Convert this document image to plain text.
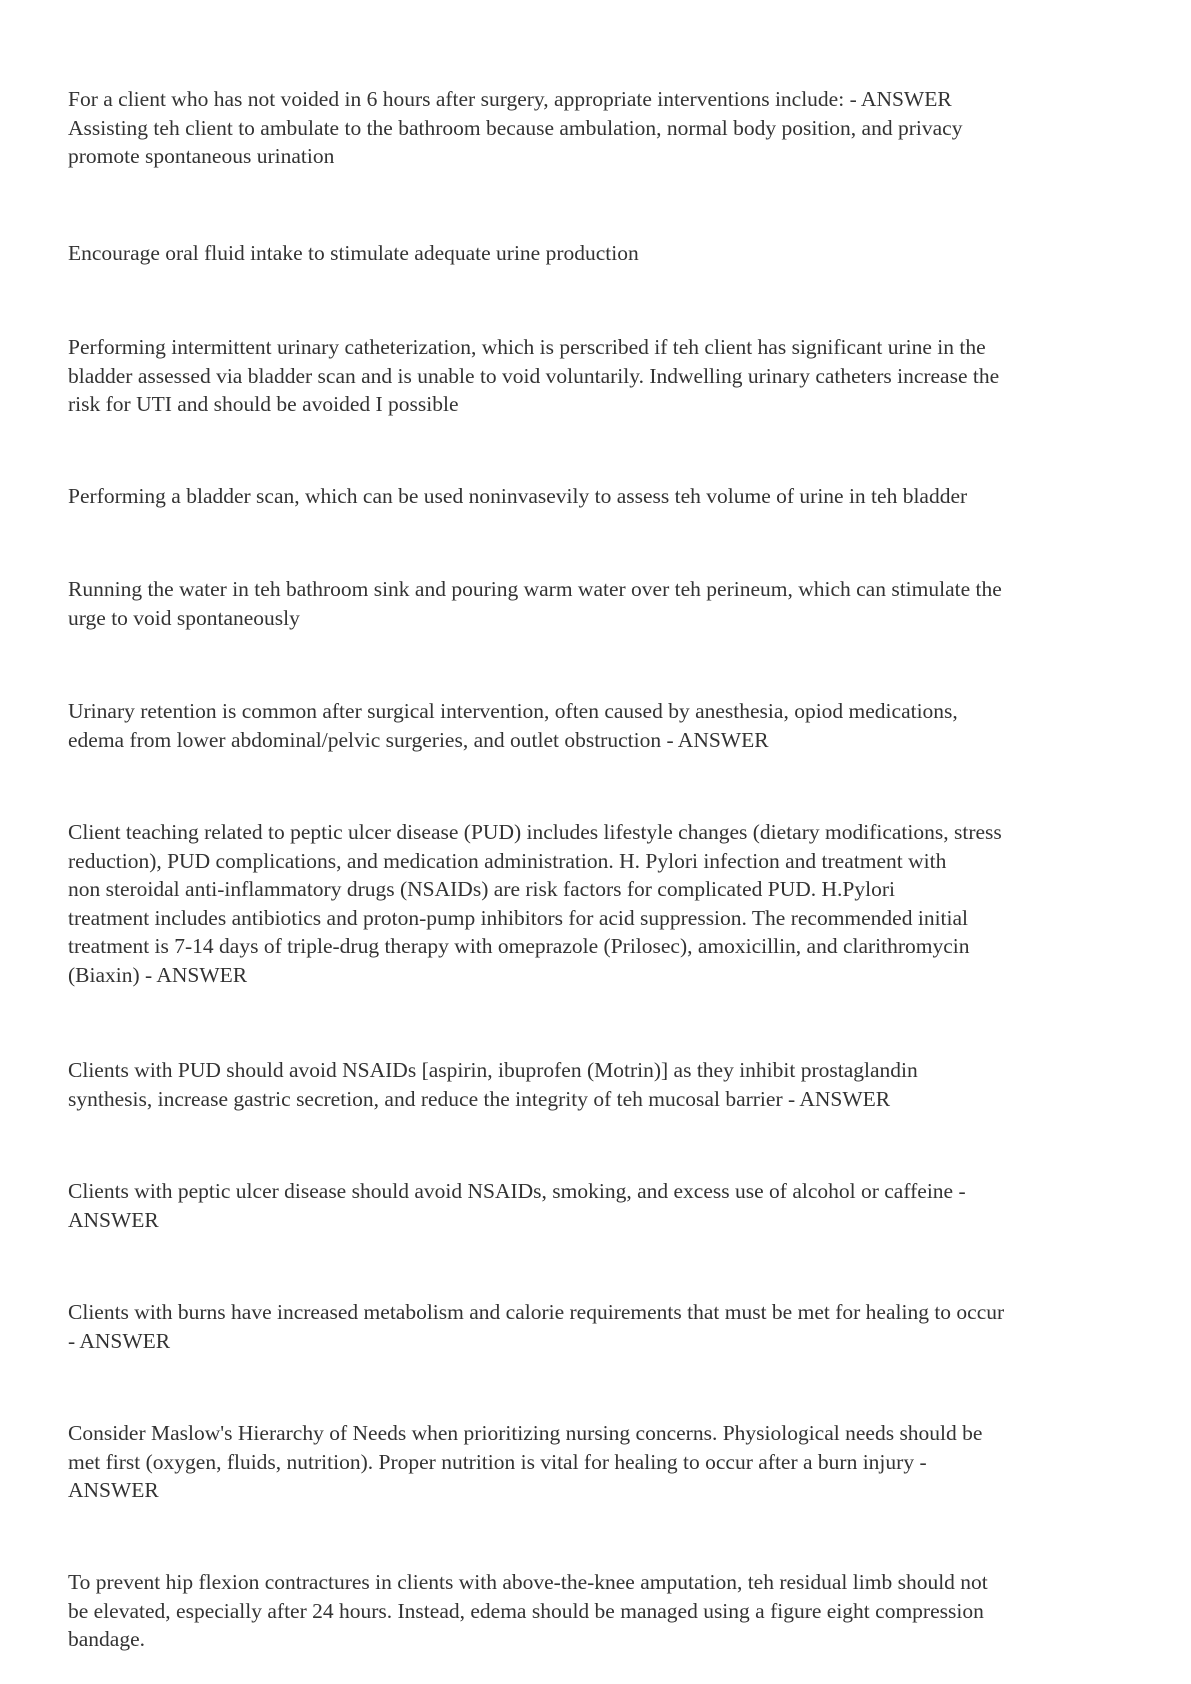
For a client who has not voided in 6 hours after surgery, appropriate interventions include: - ANSWER
Assisting teh client to ambulate to the bathroom because ambulation, normal body position, and privacy
promote spontaneous urination

Encourage oral fluid intake to stimulate adequate urine production

Performing intermittent urinary catheterization, which is perscribed if teh client has significant urine in the
bladder assessed via bladder scan and is unable to void voluntarily. Indwelling urinary catheters increase the
risk for UTI and should be avoided I possible

Performing a bladder scan, which can be used noninvasevily to assess teh volume of urine in teh bladder

Running the water in teh bathroom sink and pouring warm water over teh perineum, which can stimulate the
urge to void spontaneously

Urinary retention is common after surgical intervention, often caused by anesthesia, opiod medications,
edema from lower abdominal/pelvic surgeries, and outlet obstruction - ANSWER

Client teaching related to peptic ulcer disease (PUD) includes lifestyle changes (dietary modifications, stress
reduction), PUD complications, and medication administration. H. Pylori infection and treatment with
non steroidal anti-inflammatory drugs (NSAIDs) are risk factors for complicated PUD. H.Pylori
treatment includes antibiotics and proton-pump inhibitors for acid suppression. The recommended initial
treatment is 7-14 days of triple-drug therapy with omeprazole (Prilosec), amoxicillin, and clarithromycin
(Biaxin) - ANSWER

Clients with PUD should avoid NSAIDs [aspirin, ibuprofen (Motrin)] as they inhibit prostaglandin
synthesis, increase gastric secretion, and reduce the integrity of teh mucosal barrier - ANSWER

Clients with peptic ulcer disease should avoid NSAIDs, smoking, and excess use of alcohol or caffeine -
ANSWER

Clients with burns have increased metabolism and calorie requirements that must be met for healing to occur
- ANSWER

Consider Maslow's Hierarchy of Needs when prioritizing nursing concerns. Physiological needs should be
met first (oxygen, fluids, nutrition). Proper nutrition is vital for healing to occur after a burn injury -
ANSWER

To prevent hip flexion contractures in clients with above-the-knee amputation, teh residual limb should not
be elevated, especially after 24 hours. Instead, edema should be managed using a figure eight compression
bandage.
